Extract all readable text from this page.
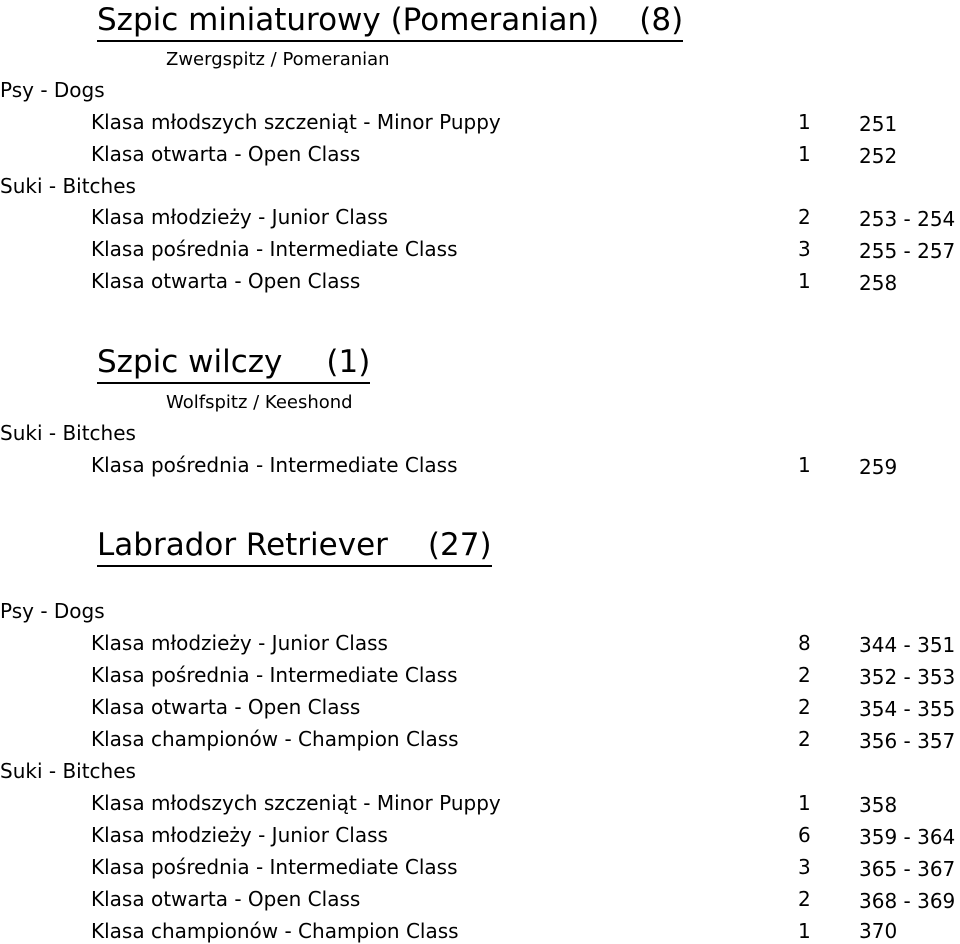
Szpic miniaturowy (Pomeranian) (8)
Zwergspitz / Pomeranian
Psy - Dogs
Klasa młodszych szczeniąt - Minor Puppy	1 251
Klasa otwarta - Open Class	1 252
Suki - Bitches
Klasa młodzieży - Junior Class	2 253 - 254
Klasa pośrednia - Intermediate Class	3 255 - 257
Klasa otwarta - Open Class	1 258
Szpic wilczy (1)
Wolfspitz / Keeshond
Suki - Bitches
Klasa pośrednia - Intermediate Class	1 259
Labrador Retriever (27)
Psy - Dogs
Klasa młodzieży - Junior Class	8 344 - 351
Klasa pośrednia - Intermediate Class	2 352 - 353
Klasa otwarta - Open Class	2 354 - 355
Klasa championów - Champion Class	2 356 - 357
Suki - Bitches
Klasa młodszych szczeniąt - Minor Puppy	1 358
Klasa młodzieży - Junior Class	6 359 - 364
Klasa pośrednia - Intermediate Class	3 365 - 367
Klasa otwarta - Open Class	2 368 - 369
Klasa championów - Champion Class	1 370
